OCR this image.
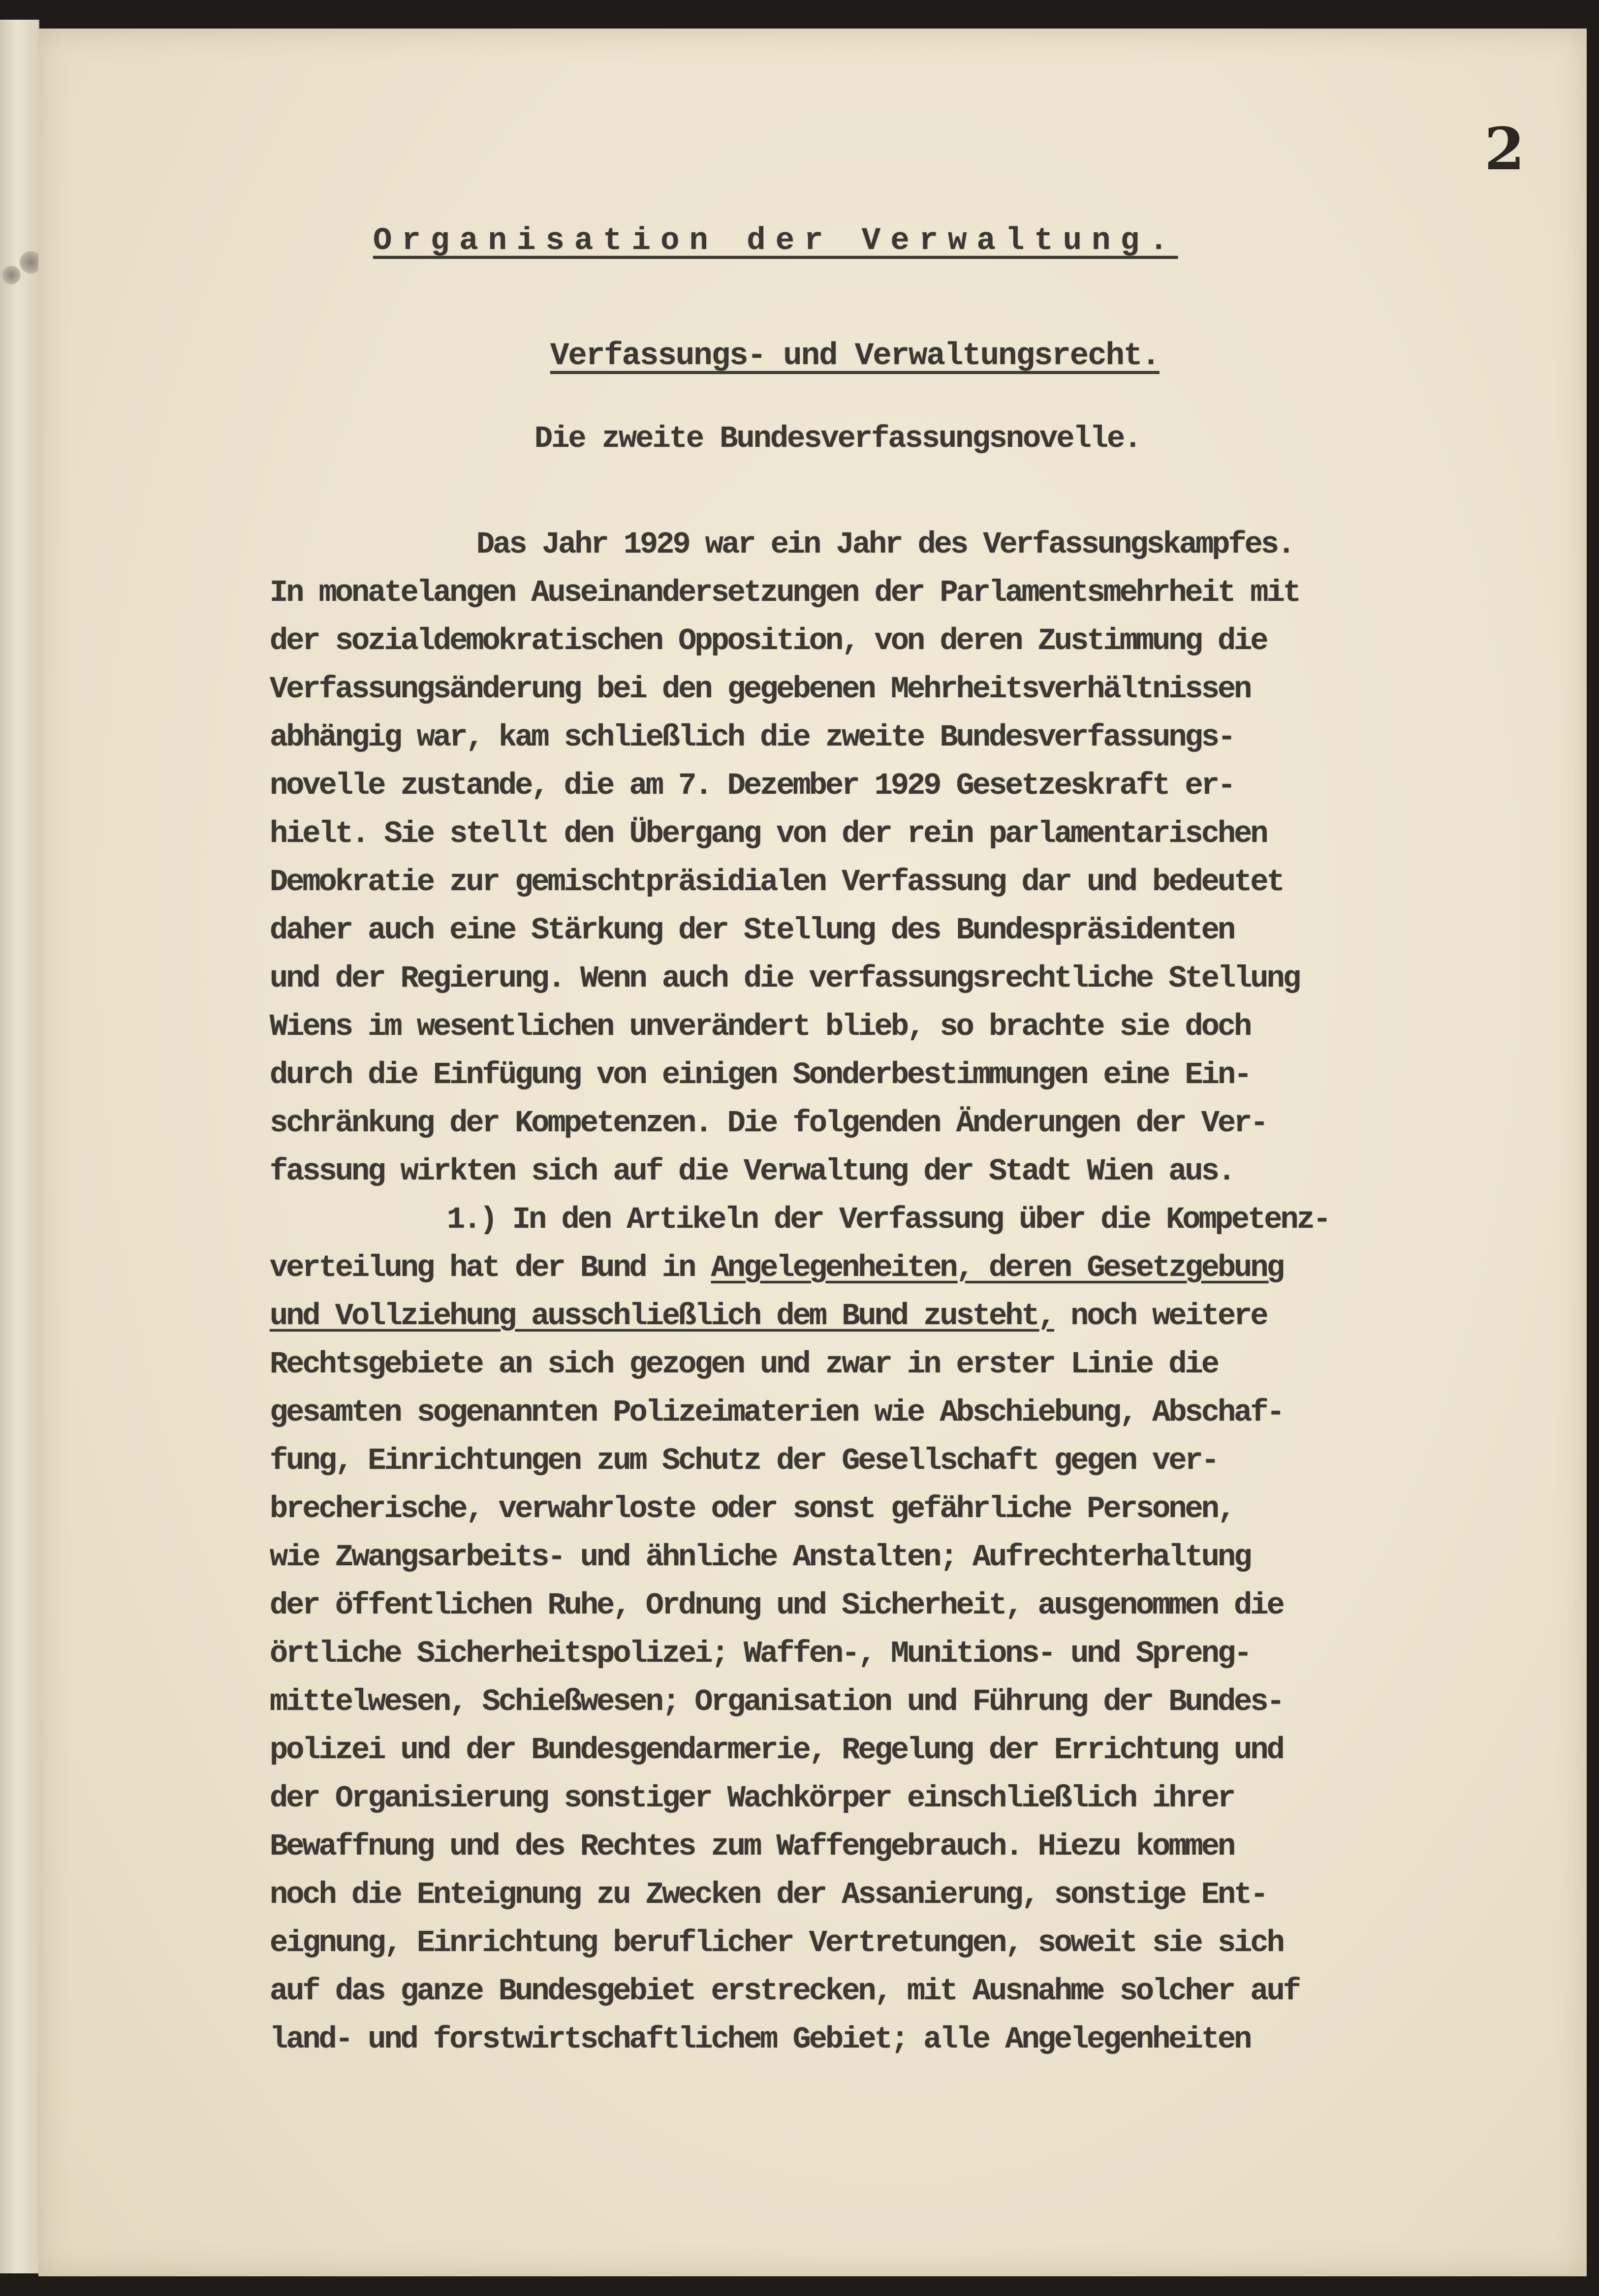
2
Organisation der Verwaltung.
Verfassungs- und Verwaltungsrecht.
Die zweite Bundesverfassungsnovelle.
Das Jahr 1929 war ein Jahr des Verfassungskampfes.
In monatelangen Auseinandersetzungen der Parlamentsmehrheit mit
der sozialdemokratischen Opposition, von deren Zustimmung die
Verfassungsänderung bei den gegebenen Mehrheitsverhältnissen
abhängig war, kam schließlich die zweite Bundesverfassungs-
novelle zustande, die am 7. Dezember 1929 Gesetzeskraft er-
hielt. Sie stellt den Übergang von der rein parlamentarischen
Demokratie zur gemischtpräsidialen Verfassung dar und bedeutet
daher auch eine Stärkung der Stellung des Bundespräsidenten
und der Regierung. Wenn auch die verfassungsrechtliche Stellung
Wiens im wesentlichen unverändert blieb, so brachte sie doch
durch die Einfügung von einigen Sonderbestimmungen eine Ein-
schränkung der Kompetenzen. Die folgenden Änderungen der Ver-
fassung wirkten sich auf die Verwaltung der Stadt Wien aus.
1.) In den Artikeln der Verfassung über die Kompetenz-
verteilung hat der Bund in Angelegenheiten, deren Gesetzgebung
und Vollziehung ausschließlich dem Bund zusteht, noch weitere
Rechtsgebiete an sich gezogen und zwar in erster Linie die
gesamten sogenannten Polizeimaterien wie Abschiebung, Abschaf-
fung, Einrichtungen zum Schutz der Gesellschaft gegen ver-
brecherische, verwahrloste oder sonst gefährliche Personen,
wie Zwangsarbeits- und ähnliche Anstalten; Aufrechterhaltung
der öffentlichen Ruhe, Ordnung und Sicherheit, ausgenommen die
örtliche Sicherheitspolizei; Waffen-, Munitions- und Spreng-
mittelwesen, Schießwesen; Organisation und Führung der Bundes-
polizei und der Bundesgendarmerie, Regelung der Errichtung und
der Organisierung sonstiger Wachkörper einschließlich ihrer
Bewaffnung und des Rechtes zum Waffengebrauch. Hiezu kommen
noch die Enteignung zu Zwecken der Assanierung, sonstige Ent-
eignung, Einrichtung beruflicher Vertretungen, soweit sie sich
auf das ganze Bundesgebiet erstrecken, mit Ausnahme solcher auf
land- und forstwirtschaftlichem Gebiet; alle Angelegenheiten
